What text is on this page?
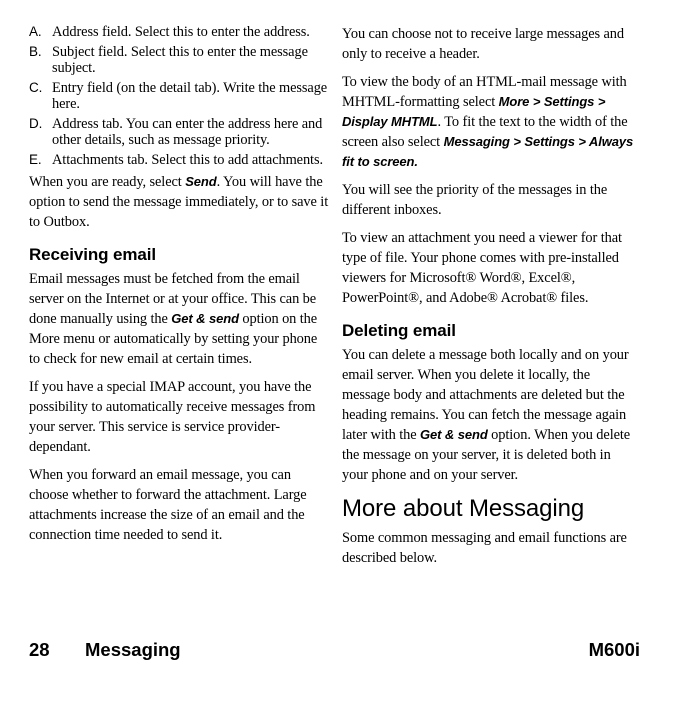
A. Address field. Select this to enter the address.
B. Subject field. Select this to enter the message subject.
C. Entry field (on the detail tab). Write the message here.
D. Address tab. You can enter the address here and other details, such as message priority.
E. Attachments tab. Select this to add attachments.

When you are ready, select Send. You will have the option to send the message immediately, or to save it to Outbox.

Receiving email

Email messages must be fetched from the email server on the Internet or at your office. This can be done manually using the Get & send option on the More menu or automatically by setting your phone to check for new email at certain times.

If you have a special IMAP account, you have the possibility to automatically receive messages from your server. This service is service provider-dependant.

When you forward an email message, you can choose whether to forward the attachment. Large attachments increase the size of an email and the connection time needed to send it.

You can choose not to receive large messages and only to receive a header.

To view the body of an HTML-mail message with MHTML-formatting select More > Settings > Display MHTML. To fit the text to the width of the screen also select Messaging > Settings > Always fit to screen.

You will see the priority of the messages in the different inboxes.

To view an attachment you need a viewer for that type of file. Your phone comes with pre-installed viewers for Microsoft® Word®, Excel®, PowerPoint®, and Adobe® Acrobat® files.

Deleting email

You can delete a message both locally and on your email server. When you delete it locally, the message body and attachments are deleted but the heading remains. You can fetch the message again later with the Get & send option. When you delete the message on your server, it is deleted both in your phone and on your server.

More about Messaging

Some common messaging and email functions are described below.

28 Messaging	M600i
